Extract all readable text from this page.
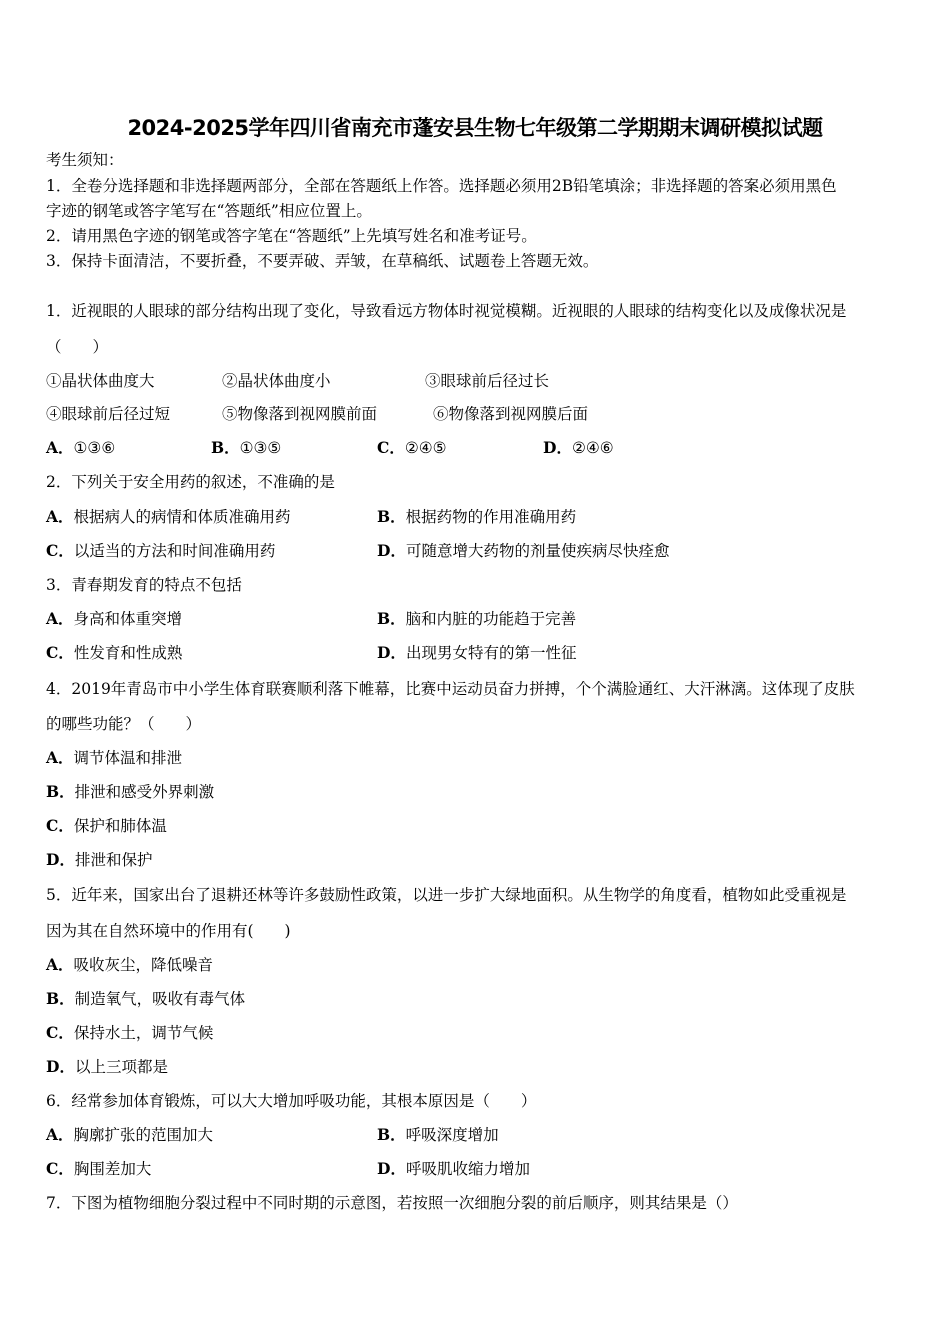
2024-2025学年四川省南充市蓬安县生物七年级第二学期期末调研模拟试题
考生须知：
1．全卷分选择题和非选择题两部分，全部在答题纸上作答。选择题必须用2B铅笔填涂；非选择题的答案必须用黑色
字迹的钢笔或答字笔写在“答题纸”相应位置上。
2．请用黑色字迹的钢笔或答字笔在“答题纸”上先填写姓名和准考证号。
3．保持卡面清洁，不要折叠，不要弄破、弄皱，在草稿纸、试题卷上答题无效。
1．近视眼的人眼球的部分结构出现了变化，导致看远方物体时视觉模糊。近视眼的人眼球的结构变化以及成像状况是
（　　）
①晶状体曲度大	②晶状体曲度小	③眼球前后径过长
④眼球前后径过短	⑤物像落到视网膜前面	⑥物像落到视网膜后面
A．①③⑥	B．①③⑤	C．②④⑤	D．②④⑥
2．下列关于安全用药的叙述，不准确的是
A．根据病人的病情和体质准确用药	B．根据药物的作用准确用药
C．以适当的方法和时间准确用药	D．可随意增大药物的剂量使疾病尽快痊愈
3．青春期发育的特点不包括
A．身高和体重突增	B．脑和内脏的功能趋于完善
C．性发育和性成熟	D．出现男女特有的第一性征
4．2019年青岛市中小学生体育联赛顺利落下帷幕，比赛中运动员奋力拼搏，个个满脸通红、大汗淋漓。这体现了皮肤
的哪些功能？（　　）
A．调节体温和排泄
B．排泄和感受外界刺激
C．保护和肺体温
D．排泄和保护
5．近年来，国家出台了退耕还林等许多鼓励性政策，以进一步扩大绿地面积。从生物学的角度看，植物如此受重视是
因为其在自然环境中的作用有(　　)
A．吸收灰尘，降低噪音
B．制造氧气，吸收有毒气体
C．保持水土，调节气候
D．以上三项都是
6．经常参加体育锻炼，可以大大增加呼吸功能，其根本原因是（　　）
A．胸廓扩张的范围加大	B．呼吸深度增加
C．胸围差加大	D．呼吸肌收缩力增加
7．下图为植物细胞分裂过程中不同时期的示意图，若按照一次细胞分裂的前后顺序，则其结果是（）
